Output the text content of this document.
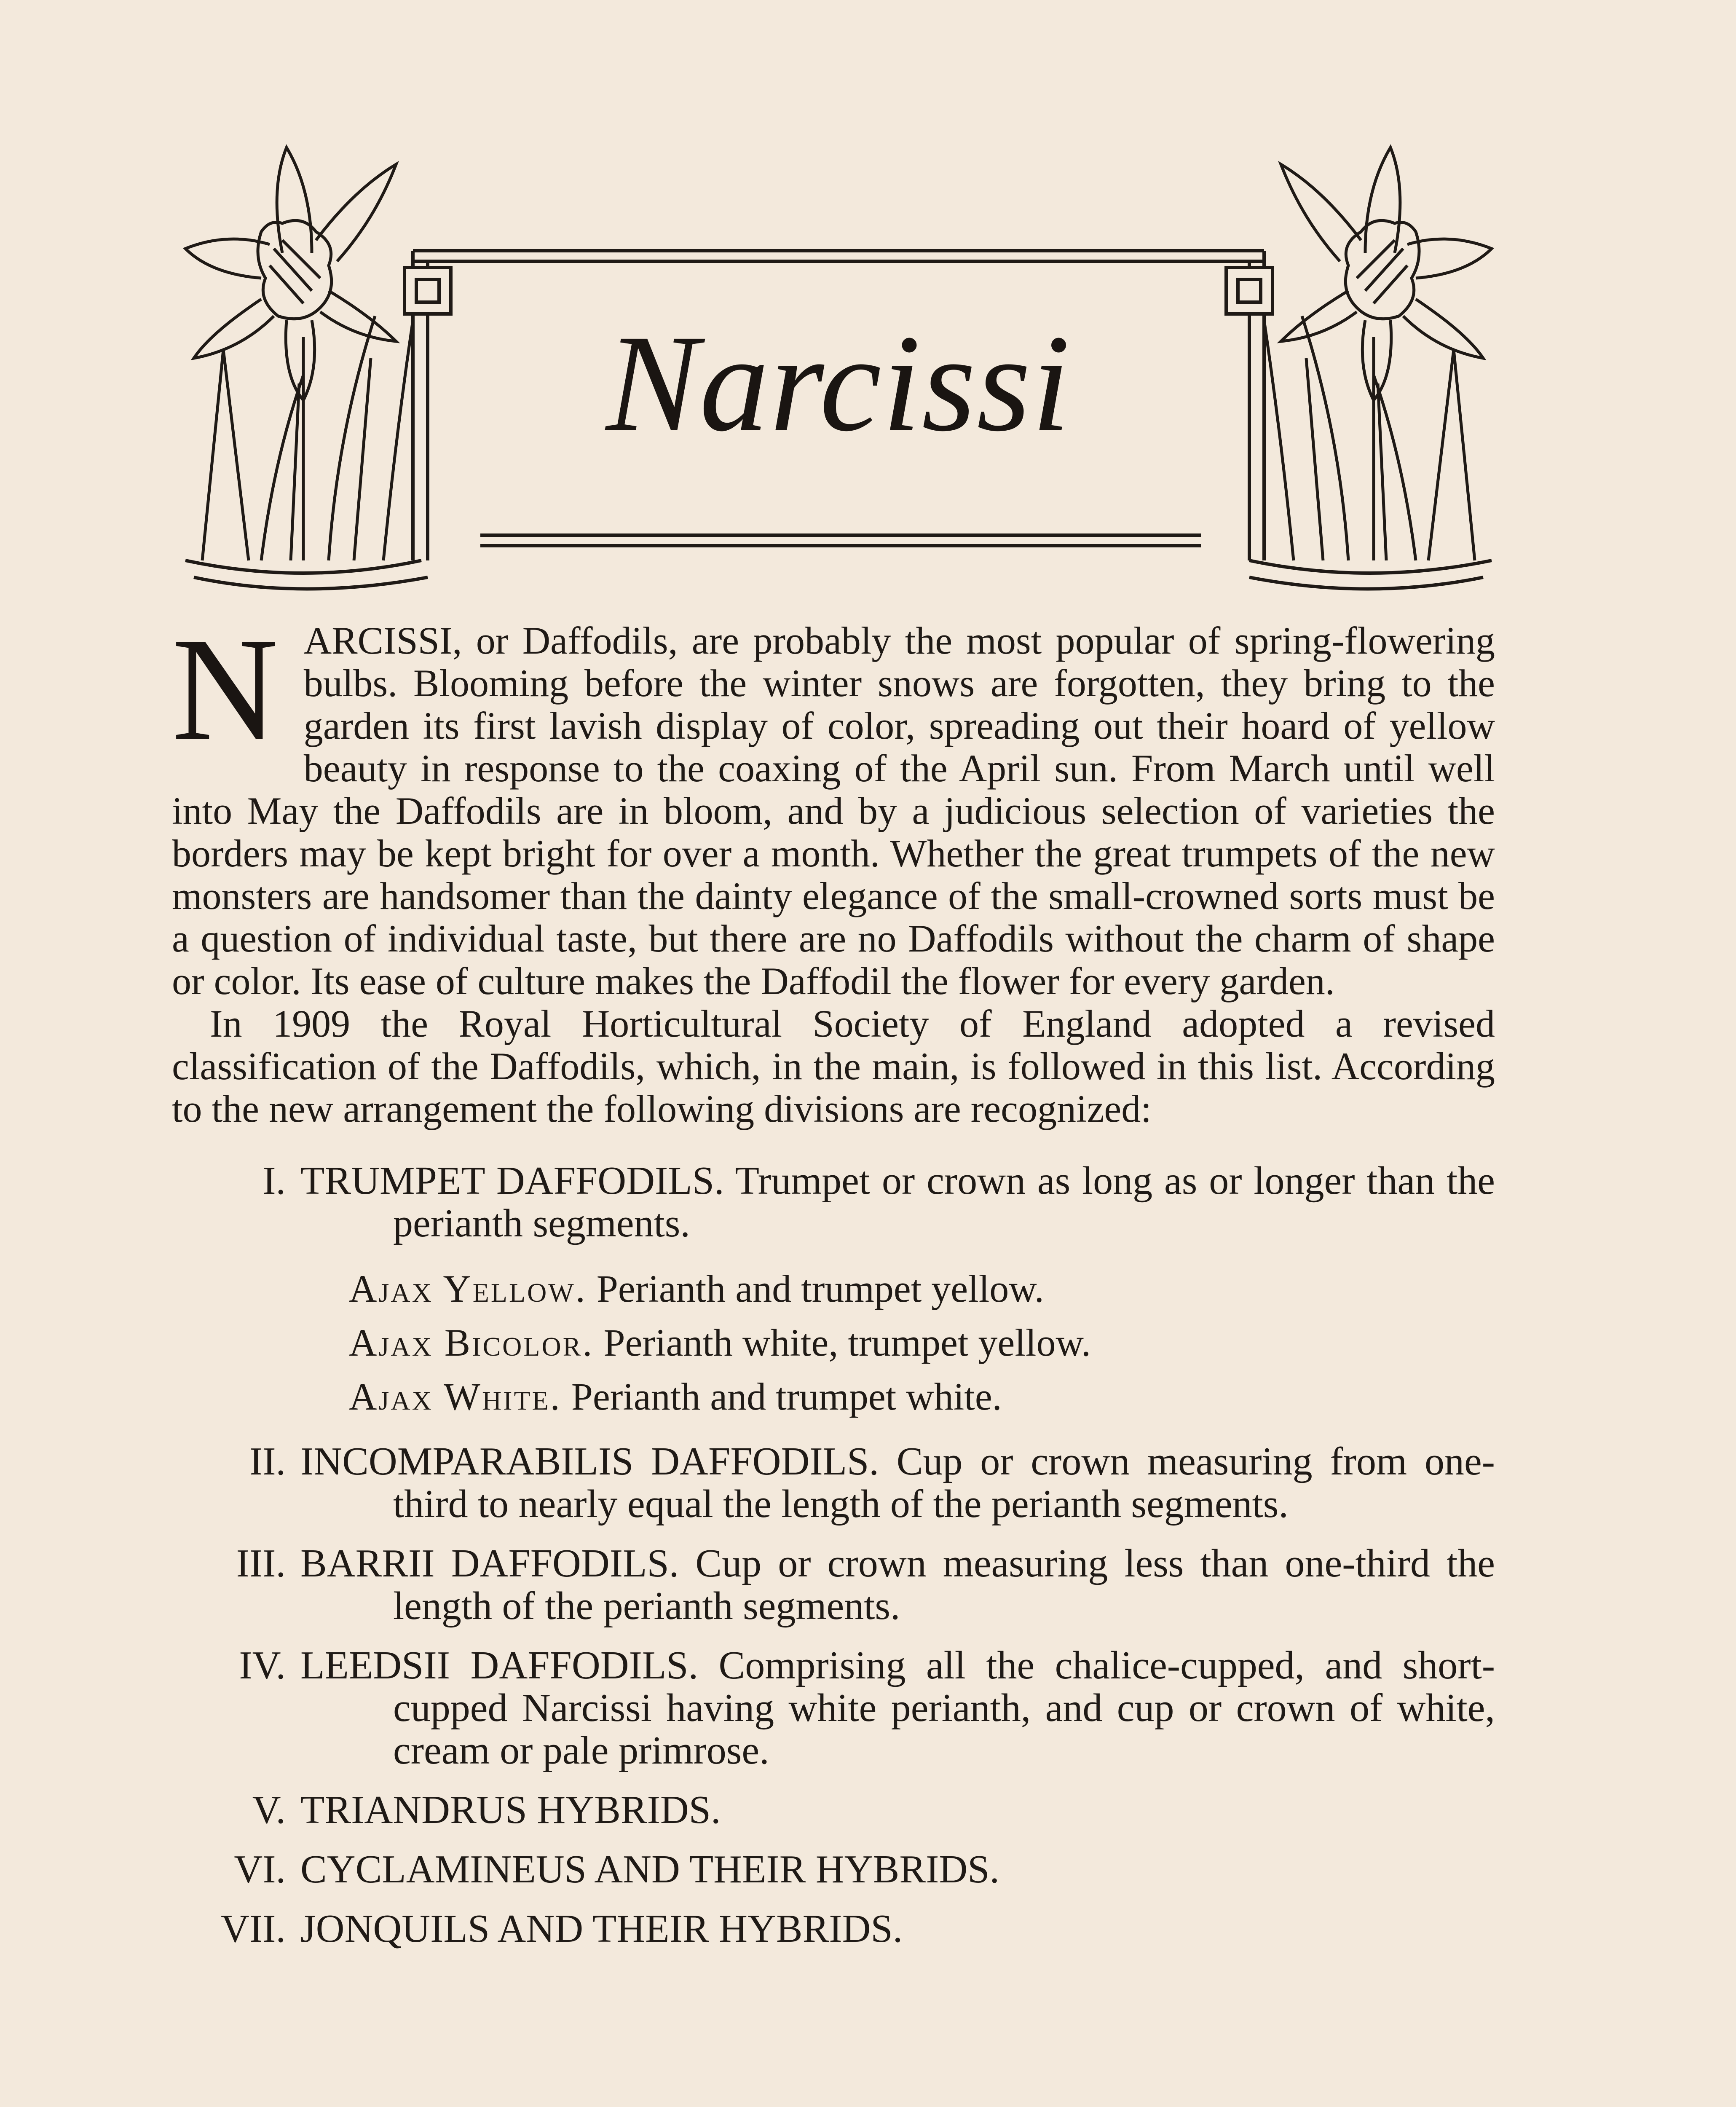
Narcissi

NARCISSI, or Daffodils, are probably the most popular of spring-flowering bulbs. Blooming before the winter snows are forgotten, they bring to the garden its first lavish display of color, spreading out their hoard of yellow beauty in response to the coaxing of the April sun. From March until well into May the Daffodils are in bloom, and by a judicious selection of varieties the borders may be kept bright for over a month. Whether the great trumpets of the new monsters are handsomer than the dainty elegance of the small-crowned sorts must be a question of individual taste, but there are no Daffodils without the charm of shape or color. Its ease of culture makes the Daffodil the flower for every garden.

In 1909 the Royal Horticultural Society of England adopted a revised classification of the Daffodils, which, in the main, is followed in this list. According to the new arrangement the following divisions are recognized:

I. TRUMPET DAFFODILS. Trumpet or crown as long as or longer than the perianth segments.
Ajax Yellow. Perianth and trumpet yellow.
Ajax Bicolor. Perianth white, trumpet yellow.
Ajax White. Perianth and trumpet white.
II. INCOMPARABILIS DAFFODILS. Cup or crown measuring from one-third to nearly equal the length of the perianth segments.
III. BARRII DAFFODILS. Cup or crown measuring less than one-third the length of the perianth segments.
IV. LEEDSII DAFFODILS. Comprising all the chalice-cupped, and short-cupped Narcissi having white perianth, and cup or crown of white, cream or pale primrose.
V. TRIANDRUS HYBRIDS.
VI. CYCLAMINEUS AND THEIR HYBRIDS.
VII. JONQUILS AND THEIR HYBRIDS.
